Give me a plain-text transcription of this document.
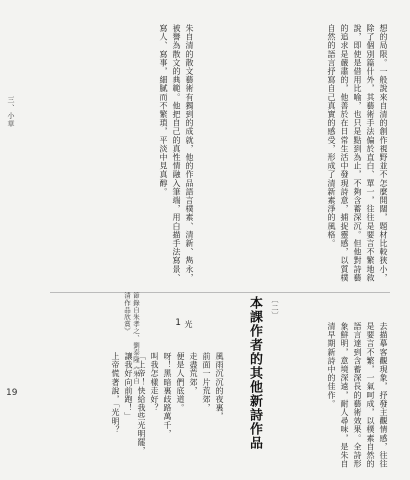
想的局限。一般說來自清的創作視野並不怎麼開闊，題材比較狹小，除了個別篇什外，其藝術手法偏於直白、單一，往往是要言不繁地敘說，即使是借用比喻，也只是點到為止，不夠含蓄深沉。但他對詩藝的追求是嚴肅的，他善於在日常生活中發現詩意，捕捉靈感，以質樸自然的語言抒寫自己真實的感受，形成了清新素淨的風格。
朱自清的散文藝術有獨到的成就，他的作品語言樸素、清新、雋永，被譽為散文的典範。他把自己的真性情融入筆端，用白描手法寫景、寫人、寫事，細膩而不繁瑣，平淡中見真醇。
節錄自朱孝之、劉泰隆《朱自清作品欣賞》
去描摹客觀現象，抒發主觀情感，往往是要言不繁，一氣呵成，以樸素自然的語言達到含蓄深長的藝術效果。全詩形象鮮明，意境深遠，耐人尋味，是朱自清早期新詩中的佳作。
〔二〕
本課作者的其他新詩作品
1 光
風雨沉沉的夜裏，
前面一片荒郊，
走盡荒郊，
便是人們底道。
呀！黑暗裏歧路萬千，
叫我怎樣走好？
「上帝！快給我些光明罷，
讓我好向前跑！」
上帝慌著說，「光明？
三、小草
19
